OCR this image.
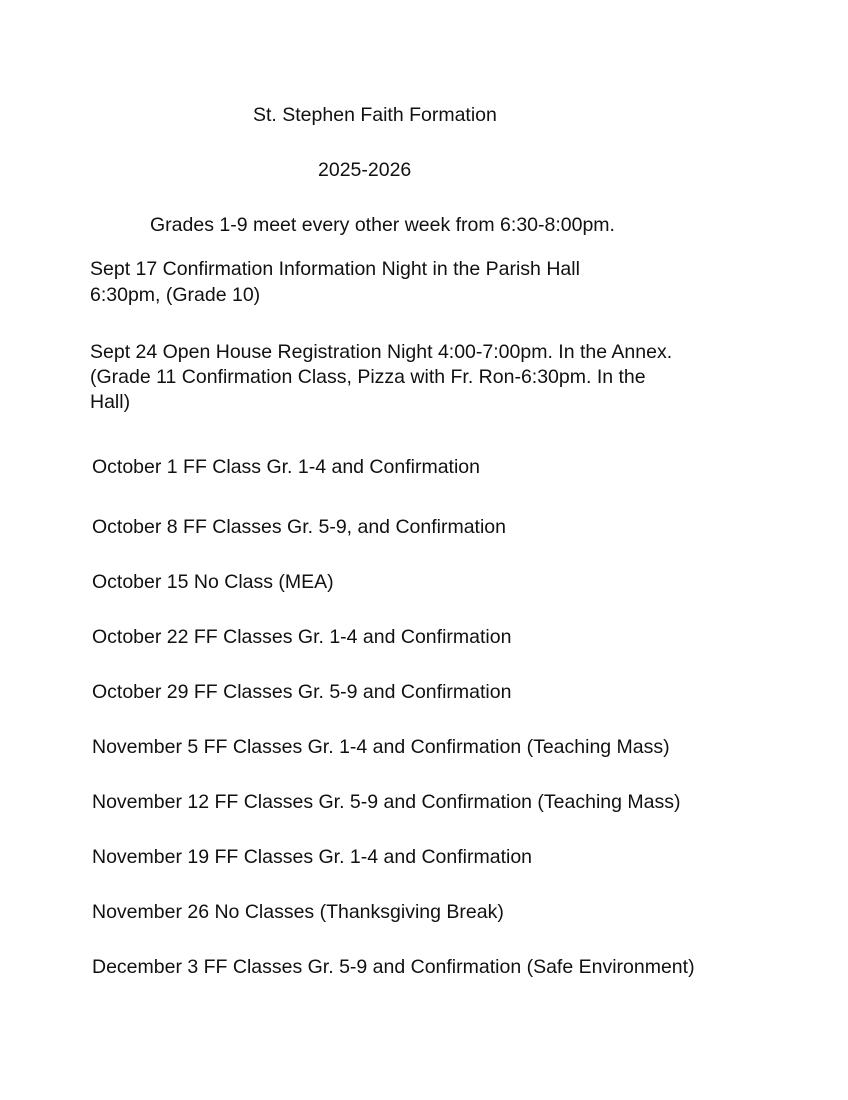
St. Stephen Faith Formation

2025-2026

Grades 1-9 meet every other week from 6:30-8:00pm.

Sept 17 Confirmation Information Night in the Parish Hall

6:30pm, (Grade 10)

Sept 24 Open House Registration Night 4:00-7:00pm. In the Annex.

(Grade 11 Confirmation Class, Pizza with Fr. Ron-6:30pm. In the

Hall)

October 1 FF Class Gr. 1-4 and Confirmation

October 8 FF Classes Gr. 5-9, and Confirmation

October 15 No Class (MEA)

October 22 FF Classes Gr. 1-4 and Confirmation

October 29 FF Classes Gr. 5-9 and Confirmation

November 5 FF Classes Gr. 1-4 and Confirmation (Teaching Mass)

November 12 FF Classes Gr. 5-9 and Confirmation (Teaching Mass)

November 19 FF Classes Gr. 1-4 and Confirmation

November 26 No Classes (Thanksgiving Break)

December 3 FF Classes Gr. 5-9 and Confirmation (Safe Environment)
